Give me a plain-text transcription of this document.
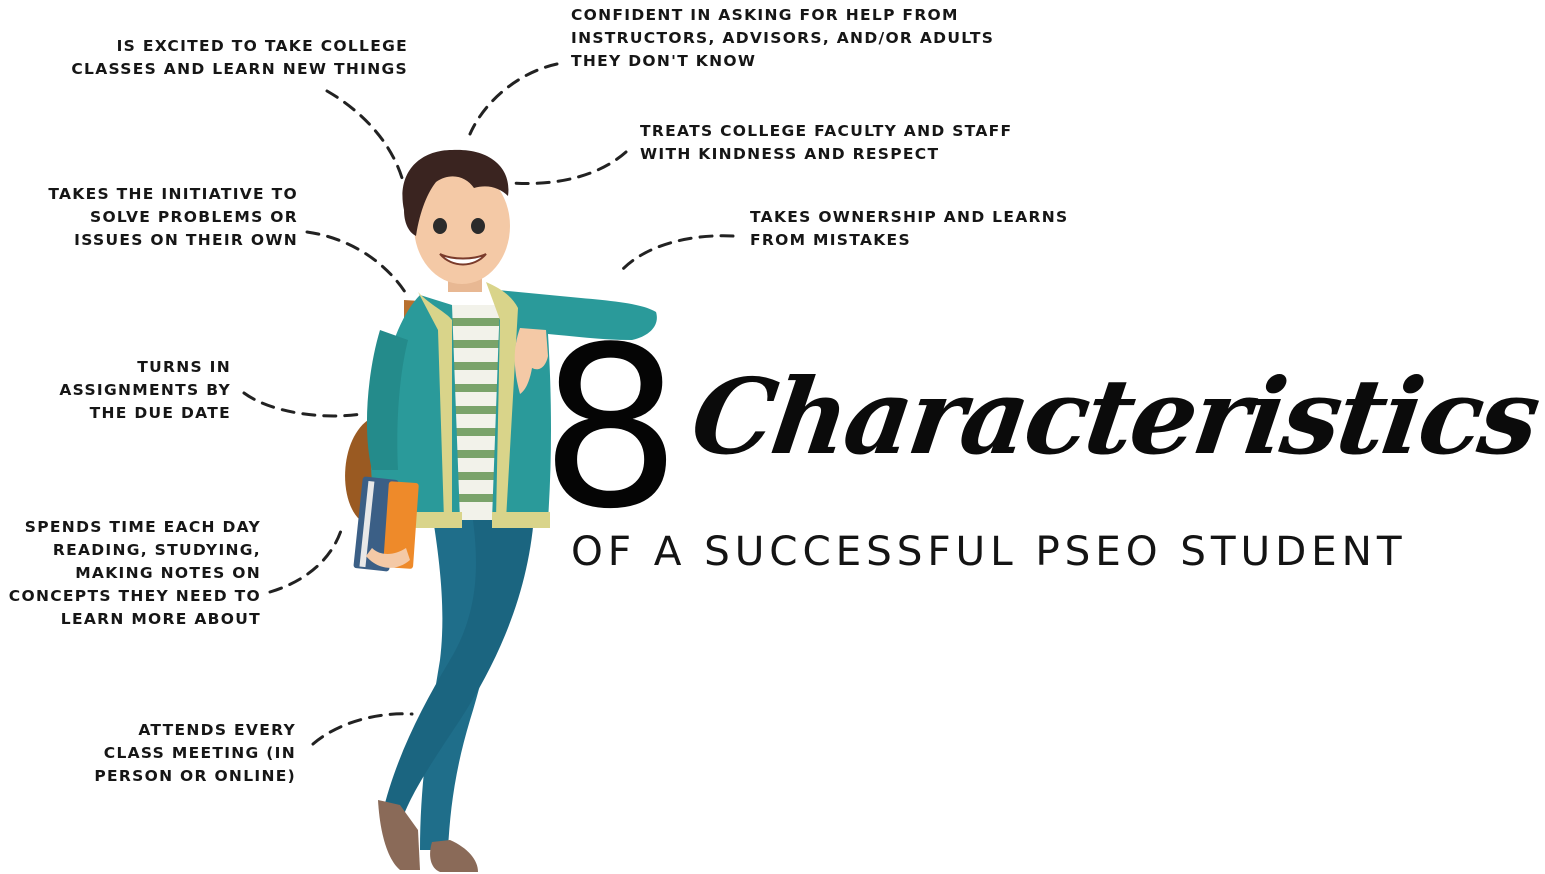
IS EXCITED TO TAKE COLLEGE
CLASSES AND LEARN NEW THINGS

TAKES THE INITIATIVE TO
SOLVE PROBLEMS OR
ISSUES ON THEIR OWN

TURNS IN
ASSIGNMENTS BY
THE DUE DATE

SPENDS TIME EACH DAY
READING, STUDYING,
MAKING NOTES ON
CONCEPTS THEY NEED TO
LEARN MORE ABOUT

ATTENDS EVERY
CLASS MEETING (IN
PERSON OR ONLINE)

CONFIDENT IN ASKING FOR HELP FROM
INSTRUCTORS, ADVISORS, AND/OR ADULTS
THEY DON'T KNOW

TREATS COLLEGE FACULTY AND STAFF
WITH KINDNESS AND RESPECT

TAKES OWNERSHIP AND LEARNS
FROM MISTAKES

8 Characteristics
OF A SUCCESSFUL PSEO STUDENT
